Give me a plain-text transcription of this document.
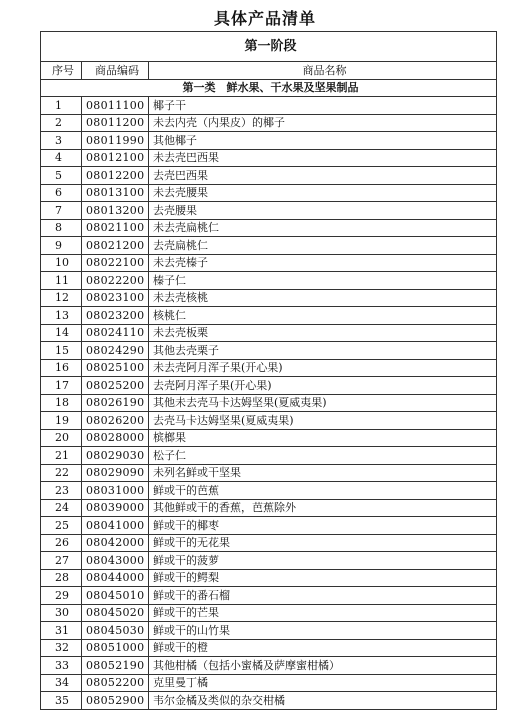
具体产品清单
第一阶段		
序号	商品编码	商品名称
第一类　鲜水果、干水果及坚果制品		
1	08011100	椰子干
2	08011200	未去内壳（内果皮）的椰子
3	08011990	其他椰子
4	08012100	未去壳巴西果
5	08012200	去壳巴西果
6	08013100	未去壳腰果
7	08013200	去壳腰果
8	08021100	未去壳扁桃仁
9	08021200	去壳扁桃仁
10	08022100	未去壳榛子
11	08022200	榛子仁
12	08023100	未去壳核桃
13	08023200	核桃仁
14	08024110	未去壳板栗
15	08024290	其他去壳栗子
16	08025100	未去壳阿月浑子果(开心果)
17	08025200	去壳阿月浑子果(开心果)
18	08026190	其他未去壳马卡达姆坚果(夏威夷果)
19	08026200	去壳马卡达姆坚果(夏威夷果)
20	08028000	槟榔果
21	08029030	松子仁
22	08029090	未列名鲜或干坚果
23	08031000	鲜或干的芭蕉
24	08039000	其他鲜或干的香蕉，芭蕉除外
25	08041000	鲜或干的椰枣
26	08042000	鲜或干的无花果
27	08043000	鲜或干的菠萝
28	08044000	鲜或干的鳄梨
29	08045010	鲜或干的番石榴
30	08045020	鲜或干的芒果
31	08045030	鲜或干的山竹果
32	08051000	鲜或干的橙
33	08052190	其他柑橘（包括小蜜橘及萨摩蜜柑橘）
34	08052200	克里曼丁橘
35	08052900	韦尔金橘及类似的杂交柑橘
